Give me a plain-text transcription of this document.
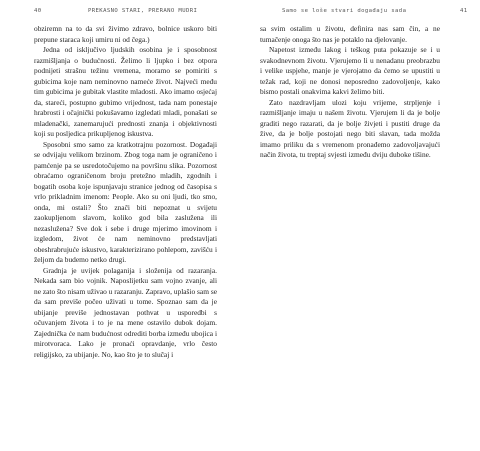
40	PREKASNO STARI, PRERANO MUDRI

obziremn na to da svi živimo zdravo, bolnice uskoro biti prepune staraca koji umiru ni od čega.)

Jedna od isključivo ljudskih osobina je i sposobnost razmišljanja o budućnosti. Želimo li ljupko i bez otpora podnijeti strašnu težinu vremena, moramo se pomiriti s gubicima koje nam neminovno nameće život. Najveći među tim gubicima je gubitak vlastite mladosti. Ako imamo osjećaj da, stareći, postupno gubimo vrijednost, tada nam ponestaje hrabrosti i očajnički pokušavamo izgledati mladi, ponašati se mladenački, zanemarujući prednosti znanja i objektivnosti koji su posljedica prikupljenog iskustva.

Sposobni smo samo za kratkotrajnu pozornost. Događaji se odvijaju velikom brzinom. Zbog toga nam je ograničeno i pamćenje pa se usredotočujemo na površinu slika. Pozornost obraćamo ograničenom broju pretežno mladih, zgodnih i bogatih osoba koje ispunjavaju stranice jednog od časopisa s vrlo prikladnim imenom: People. Ako su oni ljudi, tko smo, onda, mi ostali? Što znači biti nepoznat u svijetu zaokupljenom slavom, koliko god bila zaslužena ili nezaslužena? Sve dok i sebe i druge mjerimo imovinom i izgledom, život će nam neminovno predstavljati obeshrabrujuće iskustvo, karakterizirano pohlepom, zavišću i željom da budemo netko drugi.

Gradnja je uvijek polaganija i složenija od razaranja. Nekada sam bio vojnik. Naposlijetku sam vojno zvanje, ali ne zato što nisam uživao u razaranju. Zapravo, uplašio sam se da sam previše počeo uživati u tome. Spoznao sam da je ubijanje previše jednostavan pothvat u usporedbi s očuvanjem života i to je na mene ostavilo dubok dojam. Zajednička će nam budućnost odrediti borba između ubojica i mirotvoraca. Lako je pronaći opravdanje, vrlo često religijsko, za ubijanje. No, kao što je to slučaj i

Samo se loše stvari događaju sada	41

sa svim ostalim u životu, definira nas sam čin, a ne tumačenje onoga što nas je potaklo na djelovanje.

Napetost između lakog i teškog puta pokazuje se i u svakodnevnom životu. Vjerujemo li u nenadanu preobrazbu i velike uspjehe, manje je vjerojatno da ćemo se upustiti u težak rad, koji ne donosi neposredno zadovoljenje, kako bismo postali onakvima kakvi želimo biti.

Zato nazdravljam ulozi koju vrijeme, strpljenje i razmišljanje imaju u našem životu. Vjerujem li da je bolje graditi nego razarati, da je bolje živjeti i pustiti druge da žive, da je bolje postojati nego biti slavan, tada možda imamo priliku da s vremenom pronađemo zadovoljavajući način života, tu treptaj svjesti između dviju duboke tišine.
